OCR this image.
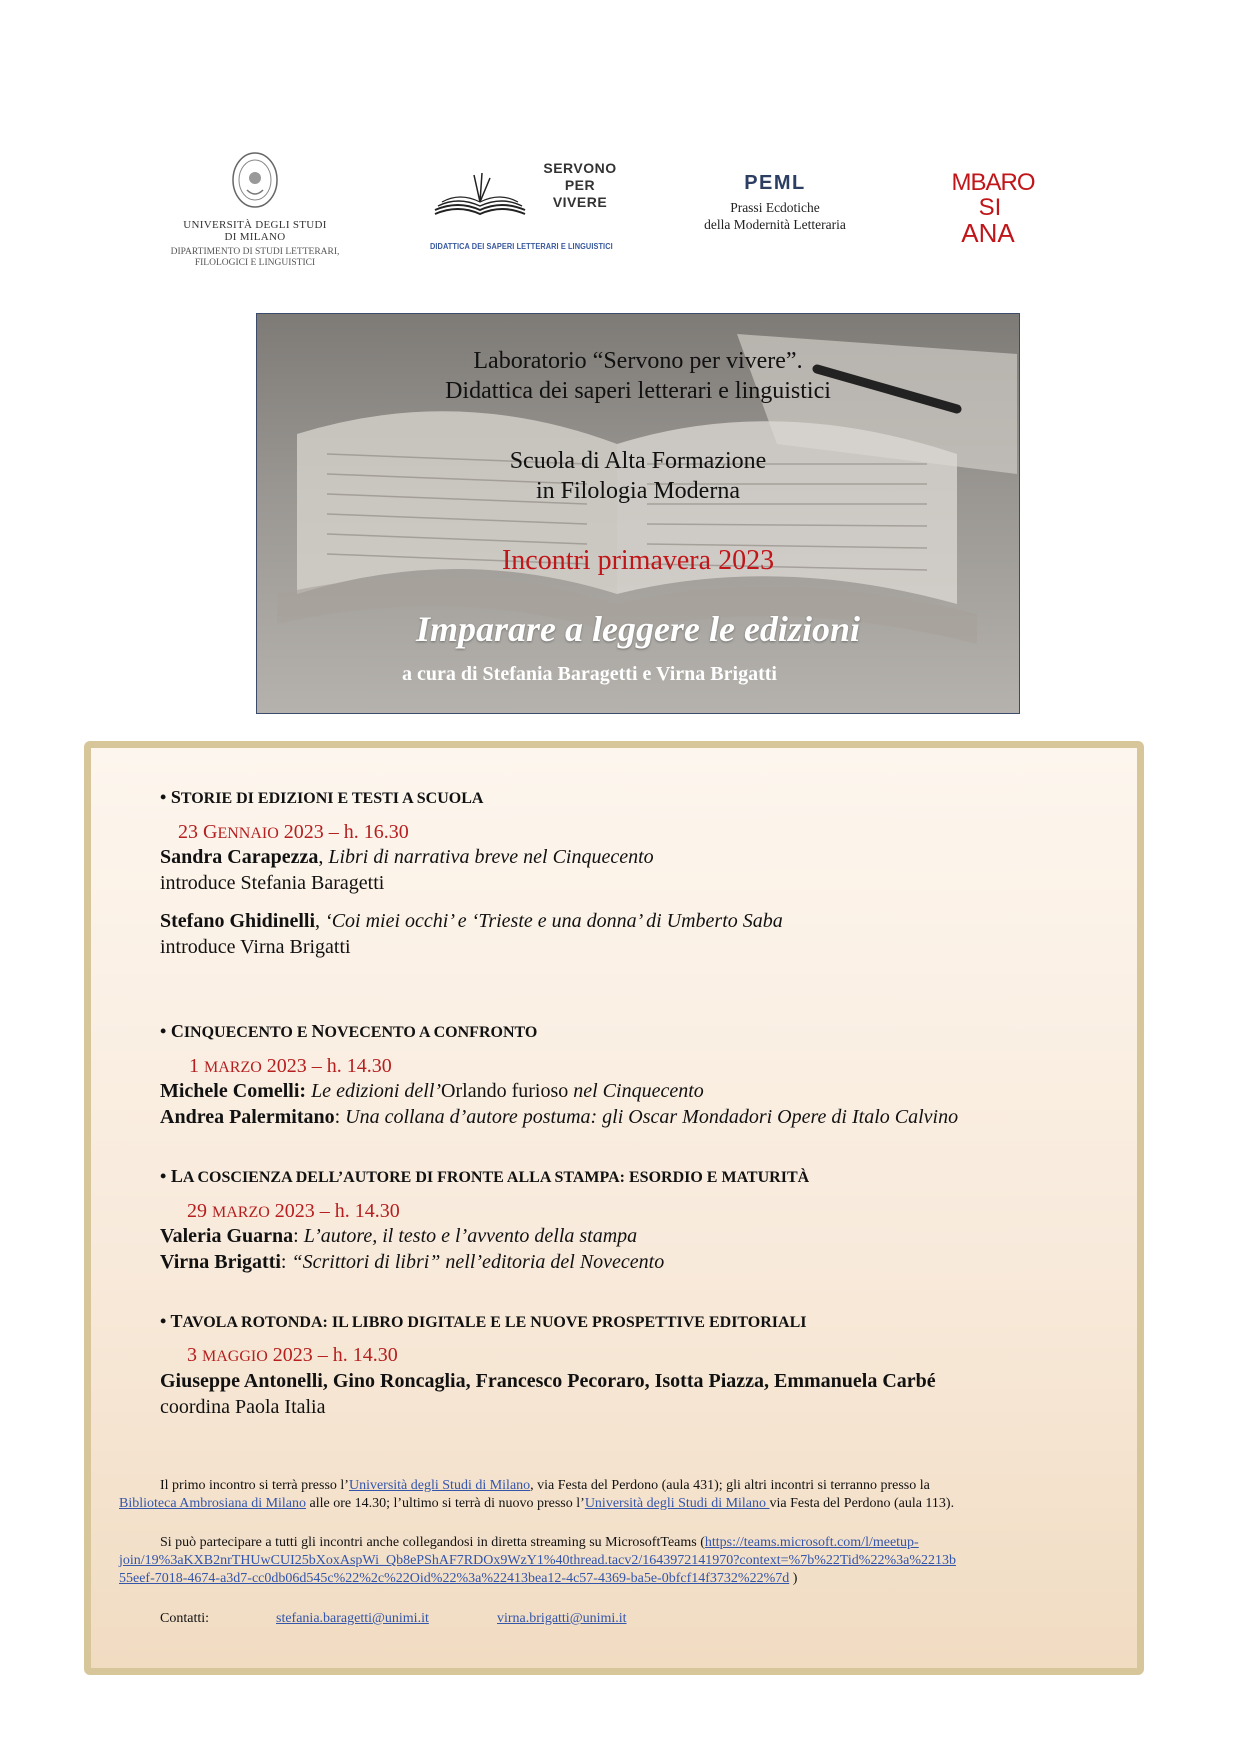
UNIVERSITÀ DEGLI STUDI
DI MILANO
DIPARTIMENTO DI STUDI LETTERARI,
FILOLOGICI E LINGUISTICI
SERVONO
PER
VIVERE
DIDATTICA DEI SAPERI LETTERARI E LINGUISTICI
PEML
Prassi Ecdotiche
della Modernità Letteraria
MBARO
SI
ANA
Laboratorio “Servono per vivere”.
Didattica dei saperi letterari e linguistici
Scuola di Alta Formazione
in Filologia Moderna
Incontri primavera 2023
Imparare a leggere le edizioni
a cura di Stefania Baragetti e Virna Brigatti
• STORIE DI EDIZIONI E TESTI A SCUOLA
23 GENNAIO 2023 – h. 16.30
Sandra Carapezza, Libri di narrativa breve nel Cinquecento
introduce Stefania Baragetti
Stefano Ghidinelli, ‘Coi miei occhi’ e ‘Trieste e una donna’ di Umberto Saba
introduce Virna Brigatti
• CINQUECENTO E NOVECENTO A CONFRONTO
1 MARZO 2023 – h. 14.30
Michele Comelli: Le edizioni dell’Orlando furioso nel Cinquecento
Andrea Palermitano: Una collana d’autore postuma: gli Oscar Mondadori Opere di Italo Calvino
• LA COSCIENZA DELL’AUTORE DI FRONTE ALLA STAMPA: ESORDIO E MATURITÀ
29 MARZO 2023 – h. 14.30
Valeria Guarna: L’autore, il testo e l’avvento della stampa
Virna Brigatti: “Scrittori di libri” nell’editoria del Novecento
• TAVOLA ROTONDA: IL LIBRO DIGITALE E LE NUOVE PROSPETTIVE EDITORIALI
3 MAGGIO 2023 – h. 14.30
Giuseppe Antonelli, Gino Roncaglia, Francesco Pecoraro, Isotta Piazza, Emmanuela Carbé
coordina Paola Italia
Il primo incontro si terrà presso l’Università degli Studi di Milano, via Festa del Perdono (aula 431); gli altri incontri si terranno presso la
Biblioteca Ambrosiana di Milano alle ore 14.30; l’ultimo si terrà di nuovo presso l’Università degli Studi di Milano via Festa del Perdono (aula 113).
Si può partecipare a tutti gli incontri anche collegandosi in diretta streaming su MicrosoftTeams (https://teams.microsoft.com/l/meetup-
join/19%3aKXB2nrTHUwCUI25bXoxAspWi_Qb8ePShAF7RDOx9WzY1%40thread.tacv2/1643972141970?context=%7b%22Tid%22%3a%2213b
55eef-7018-4674-a3d7-cc0db06d545c%22%2c%22Oid%22%3a%22413bea12-4c57-4369-ba5e-0bfcf14f3732%22%7d )
Contatti:	stefania.baragetti@unimi.it	virna.brigatti@unimi.it
